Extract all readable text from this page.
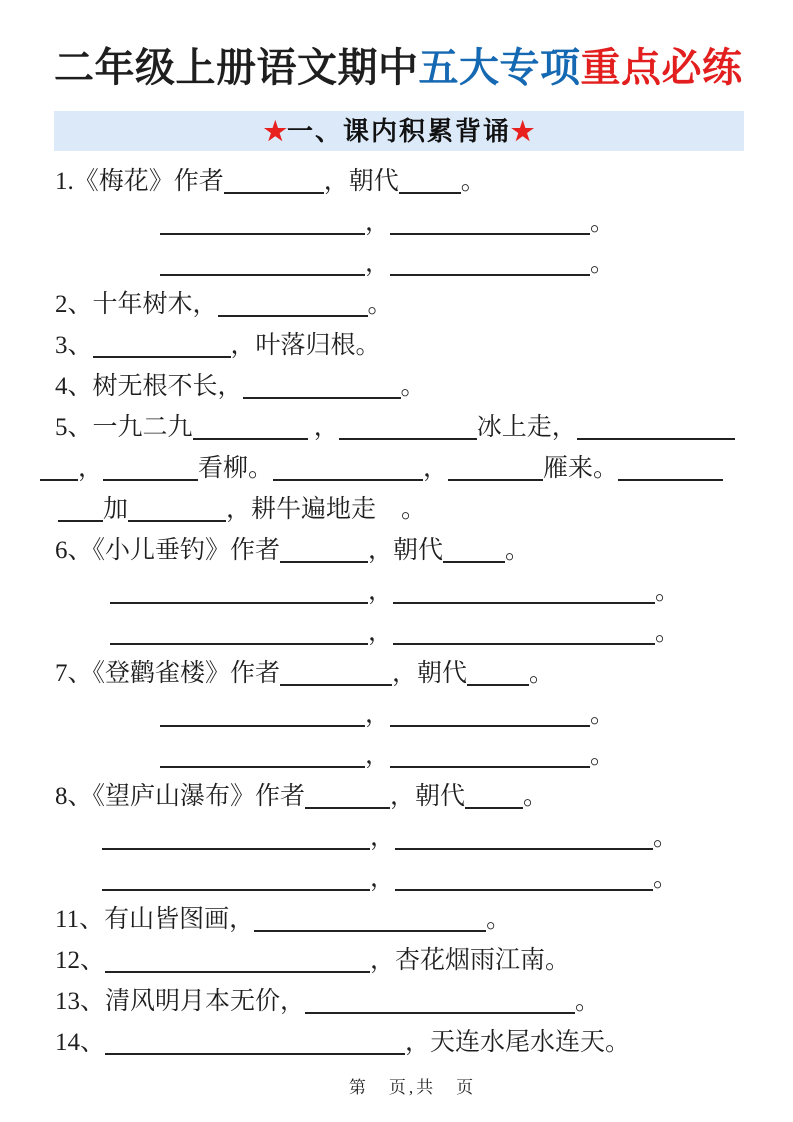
二年级上册语文期中五大专项重点必练
★一、课内积累背诵★
1.《梅花》作者	，朝代 。
，	。
，	。
2、十年树木，	。
3、	，叶落归根。
4、树无根不长，	。
5、一九二九	，	冰上走，
，	看柳。	，	雁来。
加	，耕牛遍地走　。
6、《小儿垂钓》作者	，朝代 。
，	。
，	。
7、《登鹳雀楼》作者	，朝代 。
，	。
，	。
8、《望庐山瀑布》作者	，朝代 。
，	。
，	。
11、有山皆图画，	。
12、	，杏花烟雨江南。
13、清风明月本无价，	。
14、	，天连水尾水连天。
第　页,共　页
